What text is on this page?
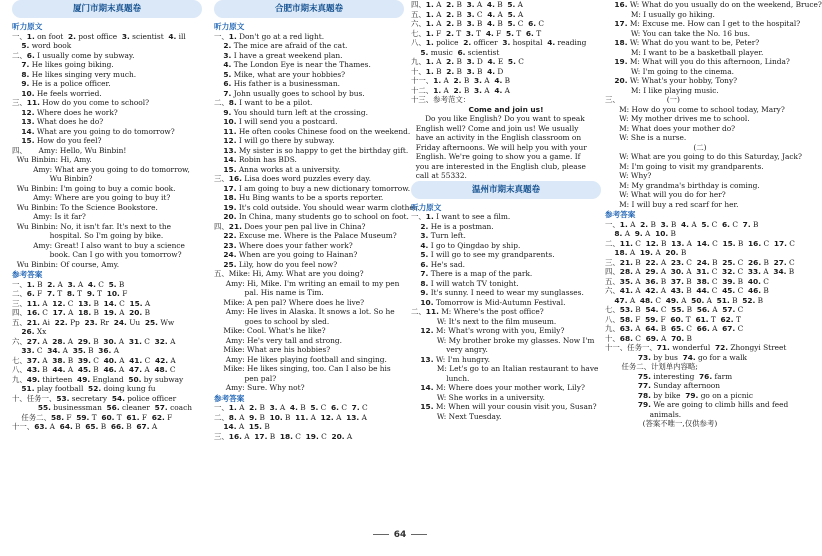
厦门市期末真题卷
听力原文
一、1. on foot  2. post office  3. scientist  4. ill
5. word book
二、6. I usually come by subway.
7. He likes going biking.
8. He likes singing very much.
9. He is a police officer.
10. He feels worried.
三、11. How do you come to school?
12. Where does he work?
13. What does he do?
14. What are you going to do tomorrow?
15. How do you feel?
四、     Amy: Hello, Wu Binbin!
Wu Binbin: Hi, Amy.
Amy: What are you going to do tomorrow,
Wu Binbin?
Wu Binbin: I'm going to buy a comic book.
Amy: Where are you going to buy it?
Wu Binbin: To the Science Bookstore.
Amy: Is it far?
Wu Binbin: No, it isn't far. It's next to the
hospital. So I'm going by bike.
Amy: Great! I also want to buy a science
book. Can I go with you tomorrow?
Wu Binbin: Of course, Amy.
参考答案
一、1. B  2. A  3. A  4. C  5. B
二、6. F  7. T  8. T  9. T  10. F
三、11. A  12. C  13. B  14. C  15. A
四、16. C  17. A  18. B  19. A  20. B
五、21. Ai  22. Pp  23. Rr  24. Uu  25. Ww
26. Xx
六、27. A  28. A  29. B  30. A  31. C  32. A
33. C  34. A  35. B  36. A
七、37. A  38. B  39. C  40. A  41. C  42. A
八、43. B  44. A  45. B  46. A  47. A  48. C
九、49. thirteen  49. England  50. by subway
51. play football  52. doing kung fu
十、任务一、53. secretary  54. police officer
55. businessman  56. cleaner  57. coach
任务二、58. F  59. T  60. T  61. F  62. F
十一、63. A  64. B  65. B  66. B  67. A
合肥市期末真题卷
听力原文
一、1. Don't go at a red light.
2. The mice are afraid of the cat.
3. I have a great weekend plan.
4. The London Eye is near the Thames.
5. Mike, what are your hobbies?
6. His father is a businessman.
7. John usually goes to school by bus.
二、8. I want to be a pilot.
9. You should turn left at the crossing.
10. I will send you a postcard.
11. He often cooks Chinese food on the weekend.
12. I will go there by subway.
13. My sister is so happy to get the birthday gift.
14. Robin has BDS.
15. Anna works at a university.
三、16. Lisa does word puzzles every day.
17. I am going to buy a new dictionary tomorrow.
18. Hu Bing wants to be a sports reporter.
19. It's cold outside. You should wear warm clothes.
20. In China, many students go to school on foot.
四、21. Does your pen pal live in China?
22. Excuse me. Where is the Palace Museum?
23. Where does your father work?
24. When are you going to Hainan?
25. Lily, how do you feel now?
五、Mike: Hi, Amy. What are you doing?
Amy: Hi, Mike. I'm writing an email to my pen
pal. His name is Tim.
Mike: A pen pal? Where does he live?
Amy: He lives in Alaska. It snows a lot. So he
goes to school by sled.
Mike: Cool. What's he like?
Amy: He's very tall and strong.
Mike: What are his hobbies?
Amy: He likes playing football and singing.
Mike: He likes singing, too. Can I also be his
pen pal?
Amy: Sure. Why not?
参考答案
一、1. A  2. B  3. A  4. B  5. C  6. C  7. C
二、8. A  9. B  10. B  11. A  12. A  13. A
14. A  15. B
三、16. A  17. B  18. C  19. C  20. A
四、1. A  2. B  3. A  4. B  5. A
五、1. A  2. B  3. C  4. A  5. A
六、1. A  2. B  3. B  4. B  5. C  6. C
七、1. F  2. T  3. T  4. F  5. T  6. T
八、1. police  2. officer  3. hospital  4. reading
5. music  6. scientist
九、1. A  2. B  3. D  4. E  5. C
十、1. B  2. B  3. B  4. D
十一、1. A  2. B  3. A  4. B
十二、1. A  2. B  3. A  4. A
十三、参考范文：
Come and join us!
Do you like English? Do you want to speak
English well? Come and join us! We usually
have an activity in the English classroom on
Friday afternoons. We will help you with your
English. We're going to show you a game. If
you are interested in the English club, please
call at 55332.
温州市期末真题卷
听力原文
一、1. I want to see a film.
2. He is a postman.
3. Turn left.
4. I go to Qingdao by ship.
5. I will go to see my grandparents.
6. He's sad.
7. There is a map of the park.
8. I will watch TV tonight.
9. It's sunny. I need to wear my sunglasses.
10. Tomorrow is Mid-Autumn Festival.
二、11. M: Where's the post office?
W: It's next to the film museum.
12. M: What's wrong with you, Emily?
W: My brother broke my glasses. Now I'm
very angry.
13. W: I'm hungry.
M: Let's go to an Italian restaurant to have
lunch.
14. M: Where does your mother work, Lily?
W: She works in a university.
15. M: When will your cousin visit you, Susan?
W: Next Tuesday.
16. W: What do you usually do on the weekend, Bruce?
M: I usually go hiking.
17. M: Excuse me. How can I get to the hospital?
W: You can take the No. 16 bus.
18. W: What do you want to be, Peter?
M: I want to be a basketball player.
19. M: What will you do this afternoon, Linda?
W: I'm going to the cinema.
20. W: What's your hobby, Tony?
M: I like playing music.
三、                    (一)
M: How do you come to school today, Mary?
W: My mother drives me to school.
M: What does your mother do?
W: She is a nurse.
(二)
W: What are you going to do this Saturday, Jack?
M: I'm going to visit my grandparents.
W: Why?
M: My grandma's birthday is coming.
W: What will you do for her?
M: I will buy a red scarf for her.
参考答案
一、1. A  2. B  3. B  4. A  5. C  6. C  7. B
8. A  9. A  10. B
二、11. C  12. B  13. A  14. C  15. B  16. C  17. C
18. A  19. A  20. B
三、21. B  22. A  23. C  24. B  25. C  26. B  27. C
四、28. A  29. A  30. A  31. C  32. C  33. A  34. B
五、35. A  36. B  37. B  38. C  39. B  40. C
六、41. A  42. A  43. B  44. C  45. C  46. B
47. A  48. C  49. A  50. A  51. B  52. B
七、53. B  54. C  55. B  56. A  57. C
八、58. F  59. F  60. T  61. T  62. T
九、63. A  64. B  65. C  66. A  67. C
十、68. C  69. A  70. B
十一、任务一、71. wonderful  72. Zhongyi Street
73. by bus  74. go for a walk
任务二、计划单内容略;
75. interesting  76. farm
77. Sunday afternoon
78. by bike  79. go on a picnic
79. We are going to climb hills and feed
animals.
(答案不唯一,仅供参考)
64
